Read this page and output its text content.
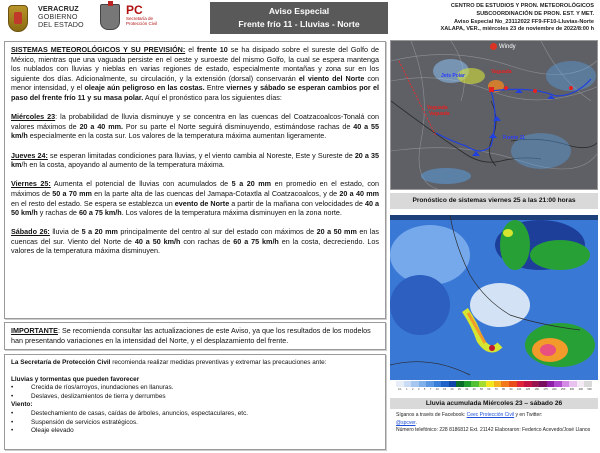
VERACRUZ
GOBIERNO
DEL ESTADO
PC
Secretaría de
Protección Civil
Aviso Especial
Frente frío 11 - Lluvias - Norte
CENTRO DE ESTUDIOS Y PRON. METEOROLÓGICOS
SUBCOORDINACIÓN DE PRON. EST. Y MET.
Aviso Especial No_23112022 FF9-FF10-Lluvias-Norte
XALAPA, VER., miércoles 23 de noviembre de 2022/8:00 h

SISTEMAS METEOROLÓGICOS Y SU PREVISIÓN: el frente 10 se ha disipado sobre el sureste del Golfo de México, mientras que una vaguada persiste en el oeste y suroeste del mismo Golfo, la cual se espera mantenga los nublados con lluvias y nieblas en varias regiones de estado, especialmente montañas y zona sur en los siguiente dos días. Adicionalmente, su circulación, y la extensión (dorsal) conservarán el viento del Norte con menor intensidad, y el oleaje aún peligroso en las costas. Entre viernes y sábado se esperan cambios por el paso del frente frío 11 y su masa polar. Aquí el pronóstico para los siguientes días:

Miércoles 23: la probabilidad de lluvia disminuye y se concentra en las cuencas del Coatzacoalcos-Tonalá con valores máximos de 20 a 40 mm. Por su parte el Norte seguirá disminuyendo, estimándose rachas de 40 a 55 km/h especialmente en la costa sur. Los valores de la temperatura máxima aumentan ligeramente.

Jueves 24: se esperan limitadas condiciones para lluvias, y el viento cambia al Noreste, Este y Sureste de 20 a 35 km/h en la costa, apoyando al aumento de la temperatura máxima.

Viernes 25: Aumenta el potencial de lluvias con acumulados de 5 a 20 mm en promedio en el estado, con máximos de 50 a 70 mm en la parte alta de las cuencas del Jamapa-Cotaxtla al Coatzacoalcos, y de 20 a 40 mm en el resto del estado. Se espera se establezca un evento de Norte a partir de la mañana con velocidades de 40 a 50 km/h y rachas de 60 a 75 km/h. Los valores de la temperatura máxima disminuyen en la zona norte.

Sábado 26: lluvia de 5 a 20 mm principalmente del centro al sur del estado con máximos de 20 a 50 mm en las cuencas del sur. Viento del Norte de 40 a 50 km/h con rachas de 60 a 75 km/h en la costa, decreciendo. Los valores de la temperatura máxima disminuyen.

IMPORTANTE: Se recomienda consultar las actualizaciones de este Aviso, ya que los resultados de los modelos han presentando variaciones en la intensidad del Norte, y el desplazamiento del frente.
La Secretaría de Protección Civil recomienda realizar medidas preventivas y extremar las precauciones ante:
Lluvias y tormentas que pueden favorecer
•	Crecida de ríos/arroyos, inundaciones en llanuras.
•	Deslaves, deslizamientos de tierra y derrumbes
Viento:
•	Destechamiento de casas, caídas de árboles, anuncios, espectaculares, etc.
•	Suspensión de servicios estratégicos.
•	Oleaje elevado
Jets Polar
Vaguada
Vaguada
Vaguada
Frente 11
Windy
Pronóstico de sistemas viernes 25 a las 21:00 horas
0.1 1 2 3 5 7 10 15 20 25 30 40 50 60 70 80 90 100 125 150 175 200 250 300 400 500
Lluvia acumulada Miércoles 23 – sábado 26
Síganos a través de Facebook: Ceec Protección Civil y en Twitter:
@spcver.
Número telefónico: 228 8186812 Ext. 21142 Elaboraron: Federico Acevedo/José Llanos
